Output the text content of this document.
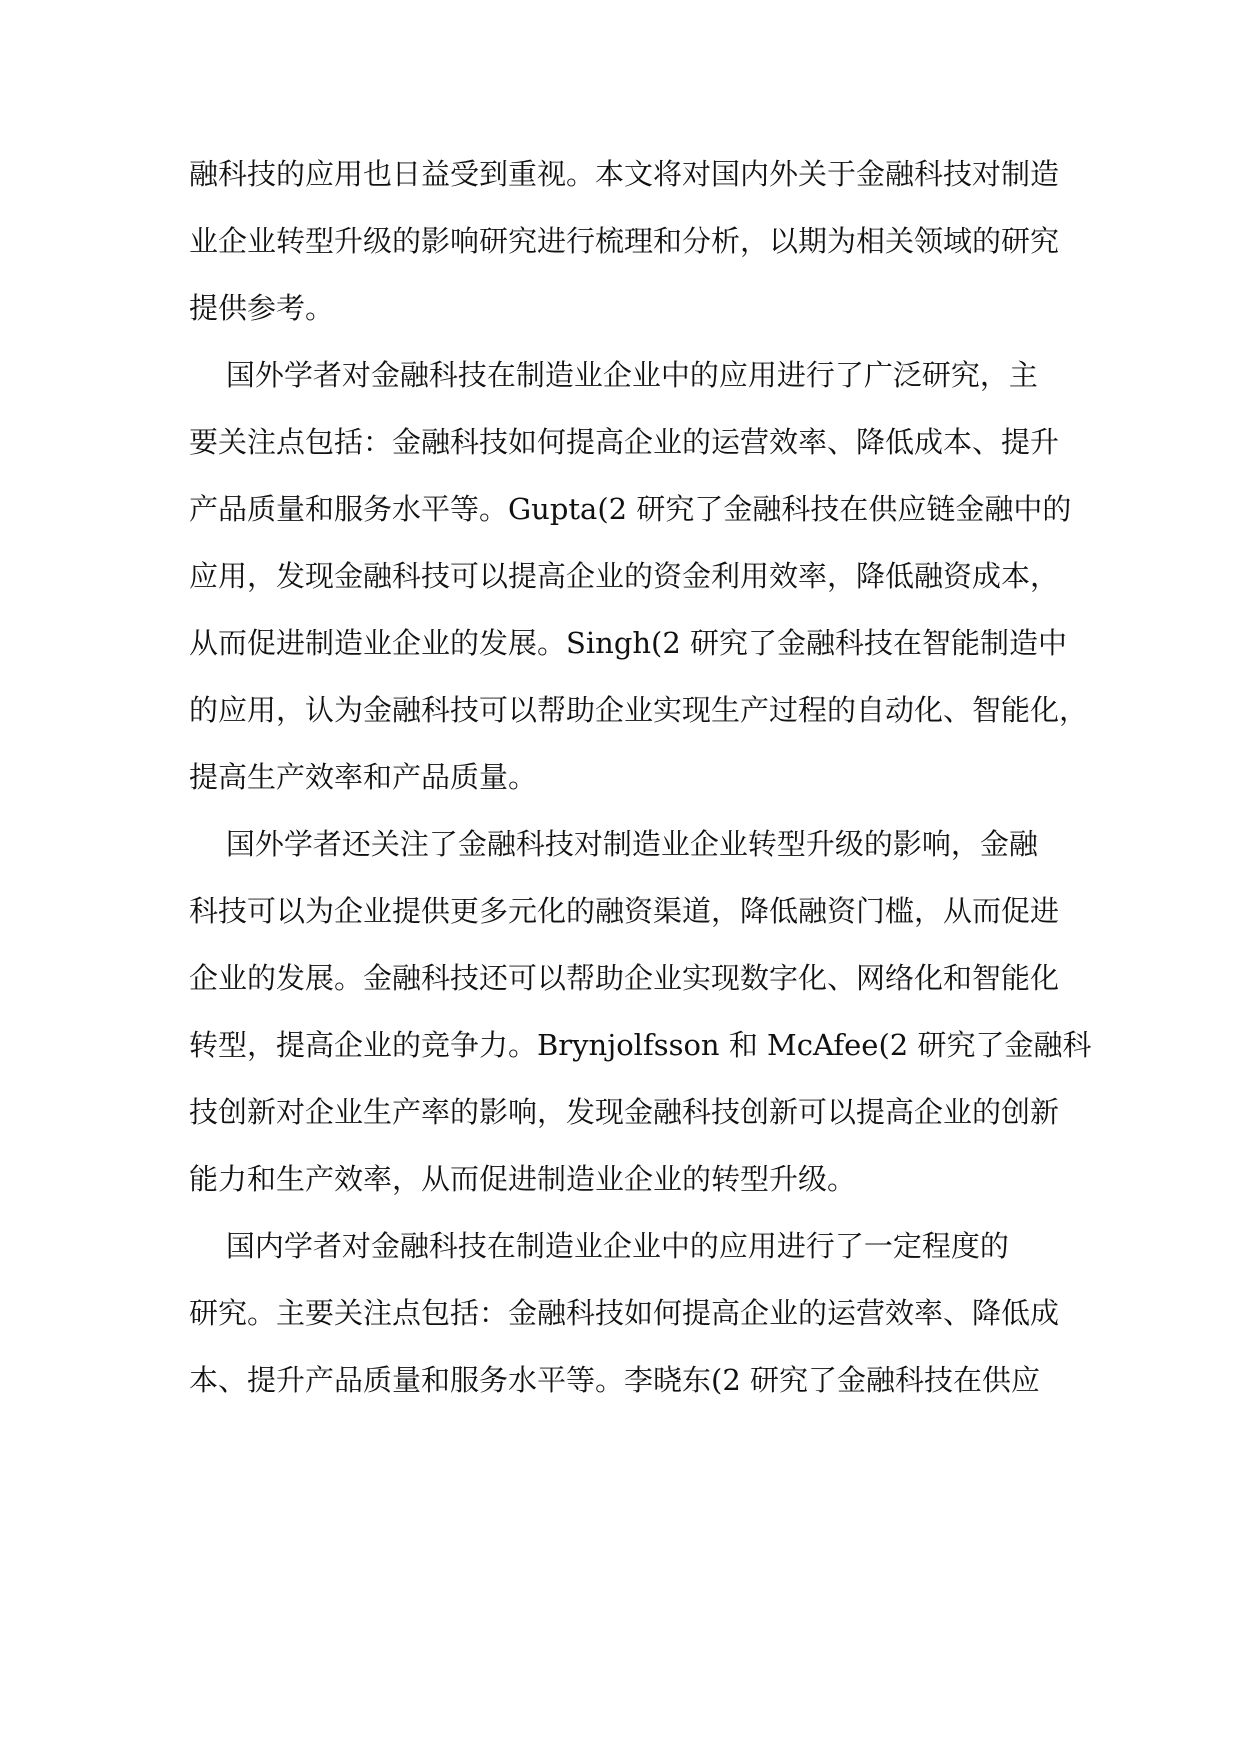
融科技的应用也日益受到重视。本文将对国内外关于金融科技对制造

业企业转型升级的影响研究进行梳理和分析，以期为相关领域的研究

提供参考。

国外学者对金融科技在制造业企业中的应用进行了广泛研究，主

要关注点包括：金融科技如何提高企业的运营效率、降低成本、提升

产品质量和服务水平等。Gupta(2 研究了金融科技在供应链金融中的

应用，发现金融科技可以提高企业的资金利用效率，降低融资成本，

从而促进制造业企业的发展。Singh(2 研究了金融科技在智能制造中

的应用，认为金融科技可以帮助企业实现生产过程的自动化、智能化，

提高生产效率和产品质量。

国外学者还关注了金融科技对制造业企业转型升级的影响，金融

科技可以为企业提供更多元化的融资渠道，降低融资门槛，从而促进

企业的发展。金融科技还可以帮助企业实现数字化、网络化和智能化

转型，提高企业的竞争力。Brynjolfsson 和 McAfee(2 研究了金融科

技创新对企业生产率的影响，发现金融科技创新可以提高企业的创新

能力和生产效率，从而促进制造业企业的转型升级。

国内学者对金融科技在制造业企业中的应用进行了一定程度的

研究。主要关注点包括：金融科技如何提高企业的运营效率、降低成

本、提升产品质量和服务水平等。李晓东(2 研究了金融科技在供应
